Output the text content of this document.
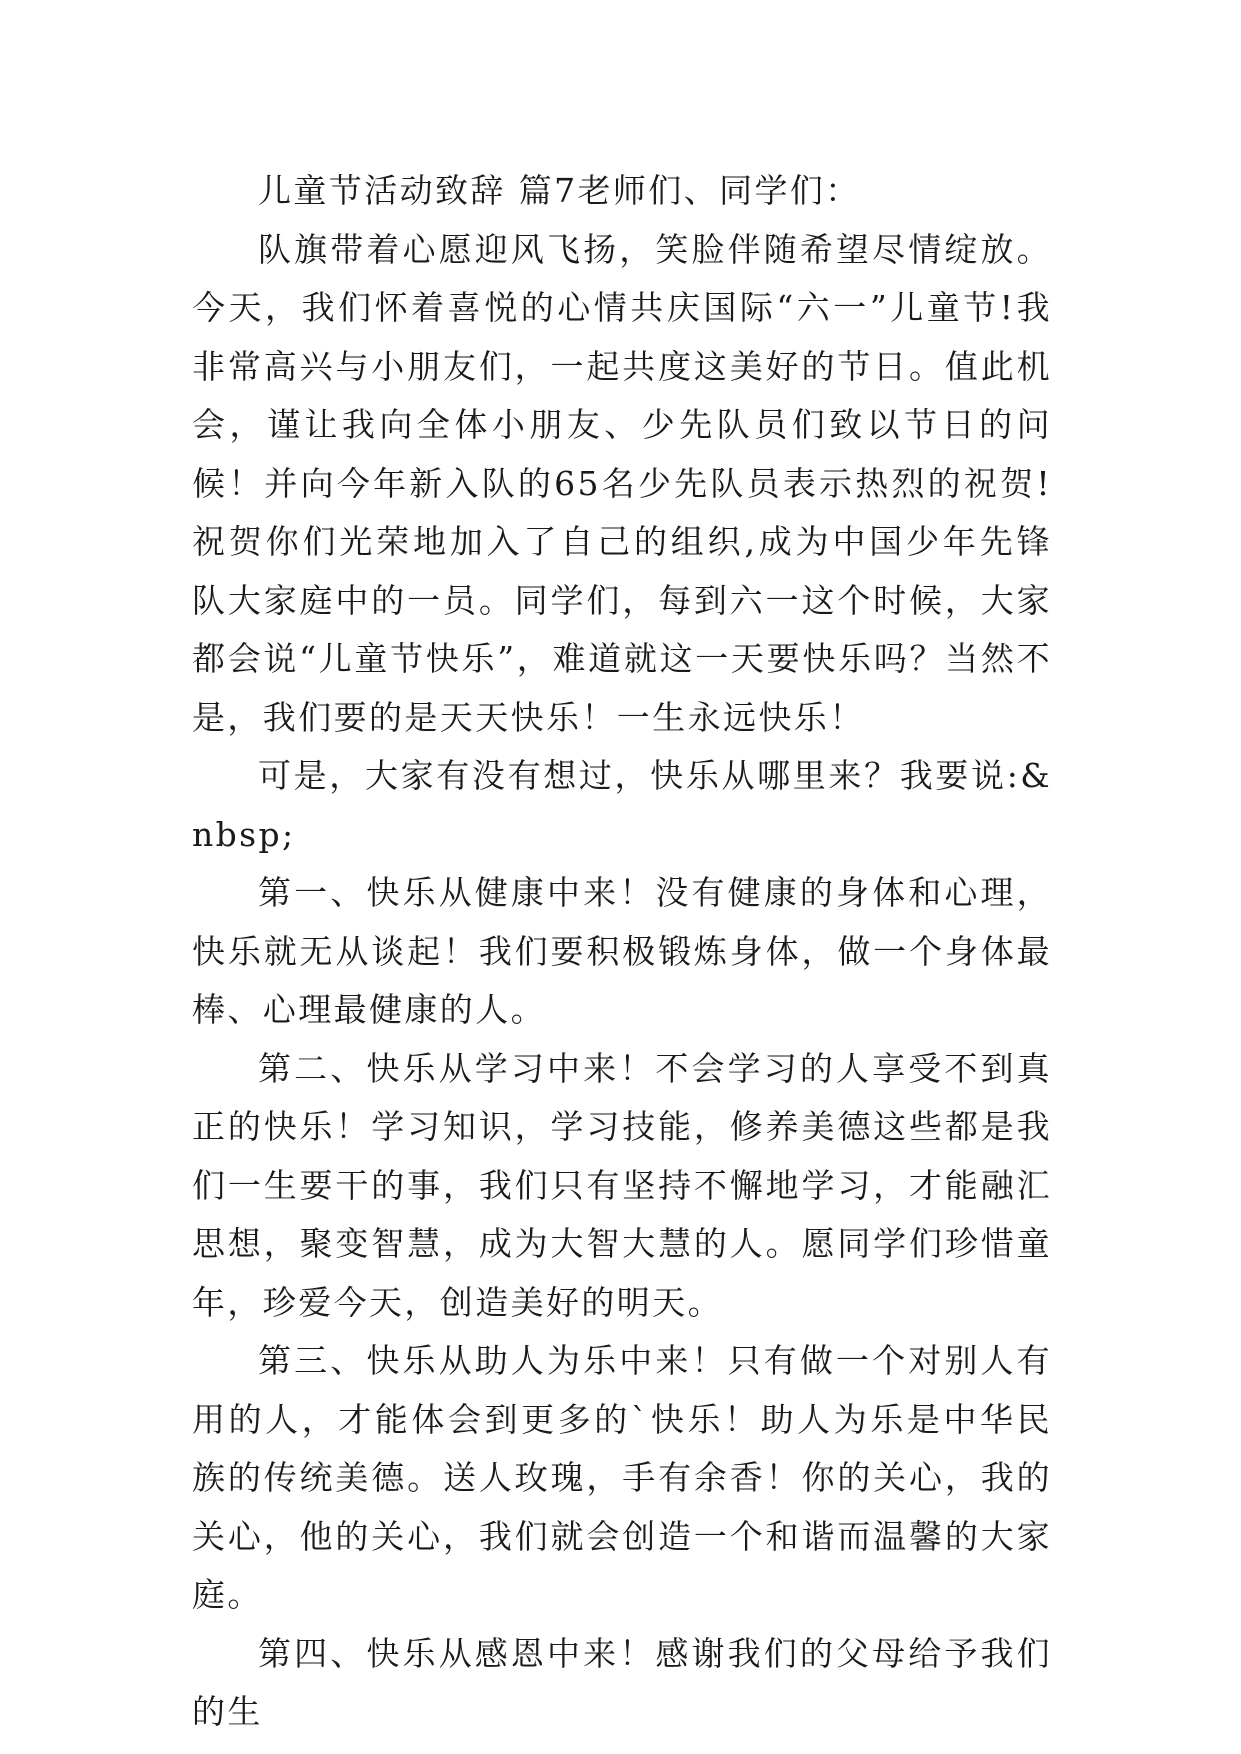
儿童节活动致辞 篇7老师们、同学们：

队旗带着心愿迎风飞扬，笑脸伴随希望尽情绽放。今天，我们怀着喜悦的心情共庆国际“六一”儿童节!我非常高兴与小朋友们，一起共度这美好的节日。值此机会，谨让我向全体小朋友、少先队员们致以节日的问候！并向今年新入队的65名少先队员表示热烈的祝贺!祝贺你们光荣地加入了自己的组织,成为中国少年先锋队大家庭中的一员。同学们，每到六一这个时候，大家都会说“儿童节快乐”，难道就这一天要快乐吗？当然不是，我们要的是天天快乐！一生永远快乐！

可是，大家有没有想过，快乐从哪里来？我要说:&nbsp;

第一、快乐从健康中来！没有健康的身体和心理，快乐就无从谈起！我们要积极锻炼身体，做一个身体最棒、心理最健康的人。

第二、快乐从学习中来！不会学习的人享受不到真正的快乐！学习知识，学习技能，修养美德这些都是我们一生要干的事，我们只有坚持不懈地学习，才能融汇思想，聚变智慧，成为大智大慧的人。愿同学们珍惜童年，珍爱今天，创造美好的明天。

第三、快乐从助人为乐中来！只有做一个对别人有用的人，才能体会到更多的`快乐！助人为乐是中华民族的传统美德。送人玫瑰，手有余香！你的关心，我的关心，他的关心，我们就会创造一个和谐而温馨的大家庭。

第四、快乐从感恩中来！感谢我们的父母给予我们的生
